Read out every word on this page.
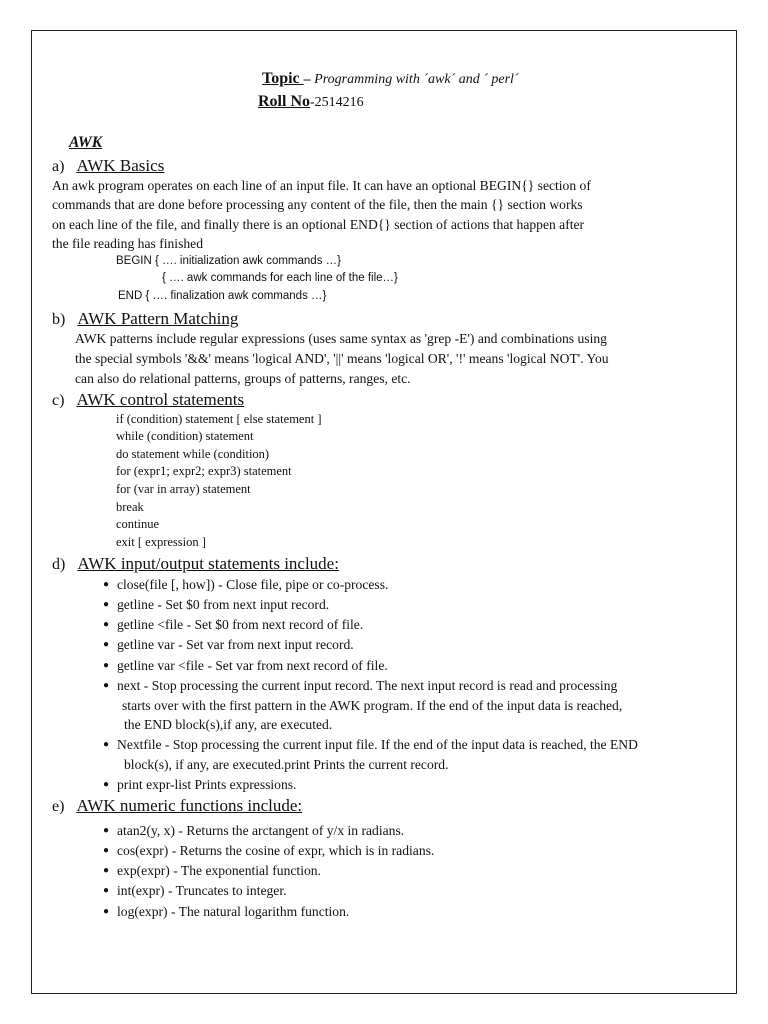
Topic – Programming with ´awk´ and ´ perl´
Roll No-2514216
AWK
a) AWK Basics
An awk program operates on each line of an input file. It can have an optional BEGIN{} section of
commands that are done before processing any content of the file, then the main {} section works
on each line of the file, and finally there is an optional END{} section of actions that happen after
the file reading has finished
BEGIN { …. initialization awk commands …}
{ …. awk commands for each line of the file…}
END { …. finalization awk commands …}
b) AWK Pattern Matching
AWK patterns include regular expressions (uses same syntax as 'grep -E') and combinations using
the special symbols '&&' means 'logical AND', '||' means 'logical OR', '!' means 'logical NOT'. You
can also do relational patterns, groups of patterns, ranges, etc.
c) AWK control statements
if (condition) statement [ else statement ]
while (condition) statement
do statement while (condition)
for (expr1; expr2; expr3) statement
for (var in array) statement
break
continue
exit [ expression ]
d) AWK input/output statements include:
● close(file [, how]) - Close file, pipe or co-process.
● getline - Set $0 from next input record.
● getline <file - Set $0 from next record of file.
● getline var - Set var from next input record.
● getline var <file - Set var from next record of file.
● next - Stop processing the current input record. The next input record is read and processing
starts over with the first pattern in the AWK program. If the end of the input data is reached,
the END block(s),if any, are executed.
● Nextfile - Stop processing the current input file. If the end of the input data is reached, the END
block(s), if any, are executed.print Prints the current record.
● print expr-list Prints expressions.
e) AWK numeric functions include:
● atan2(y, x) - Returns the arctangent of y/x in radians.
● cos(expr) - Returns the cosine of expr, which is in radians.
● exp(expr) - The exponential function.
● int(expr) - Truncates to integer.
● log(expr) - The natural logarithm function.
